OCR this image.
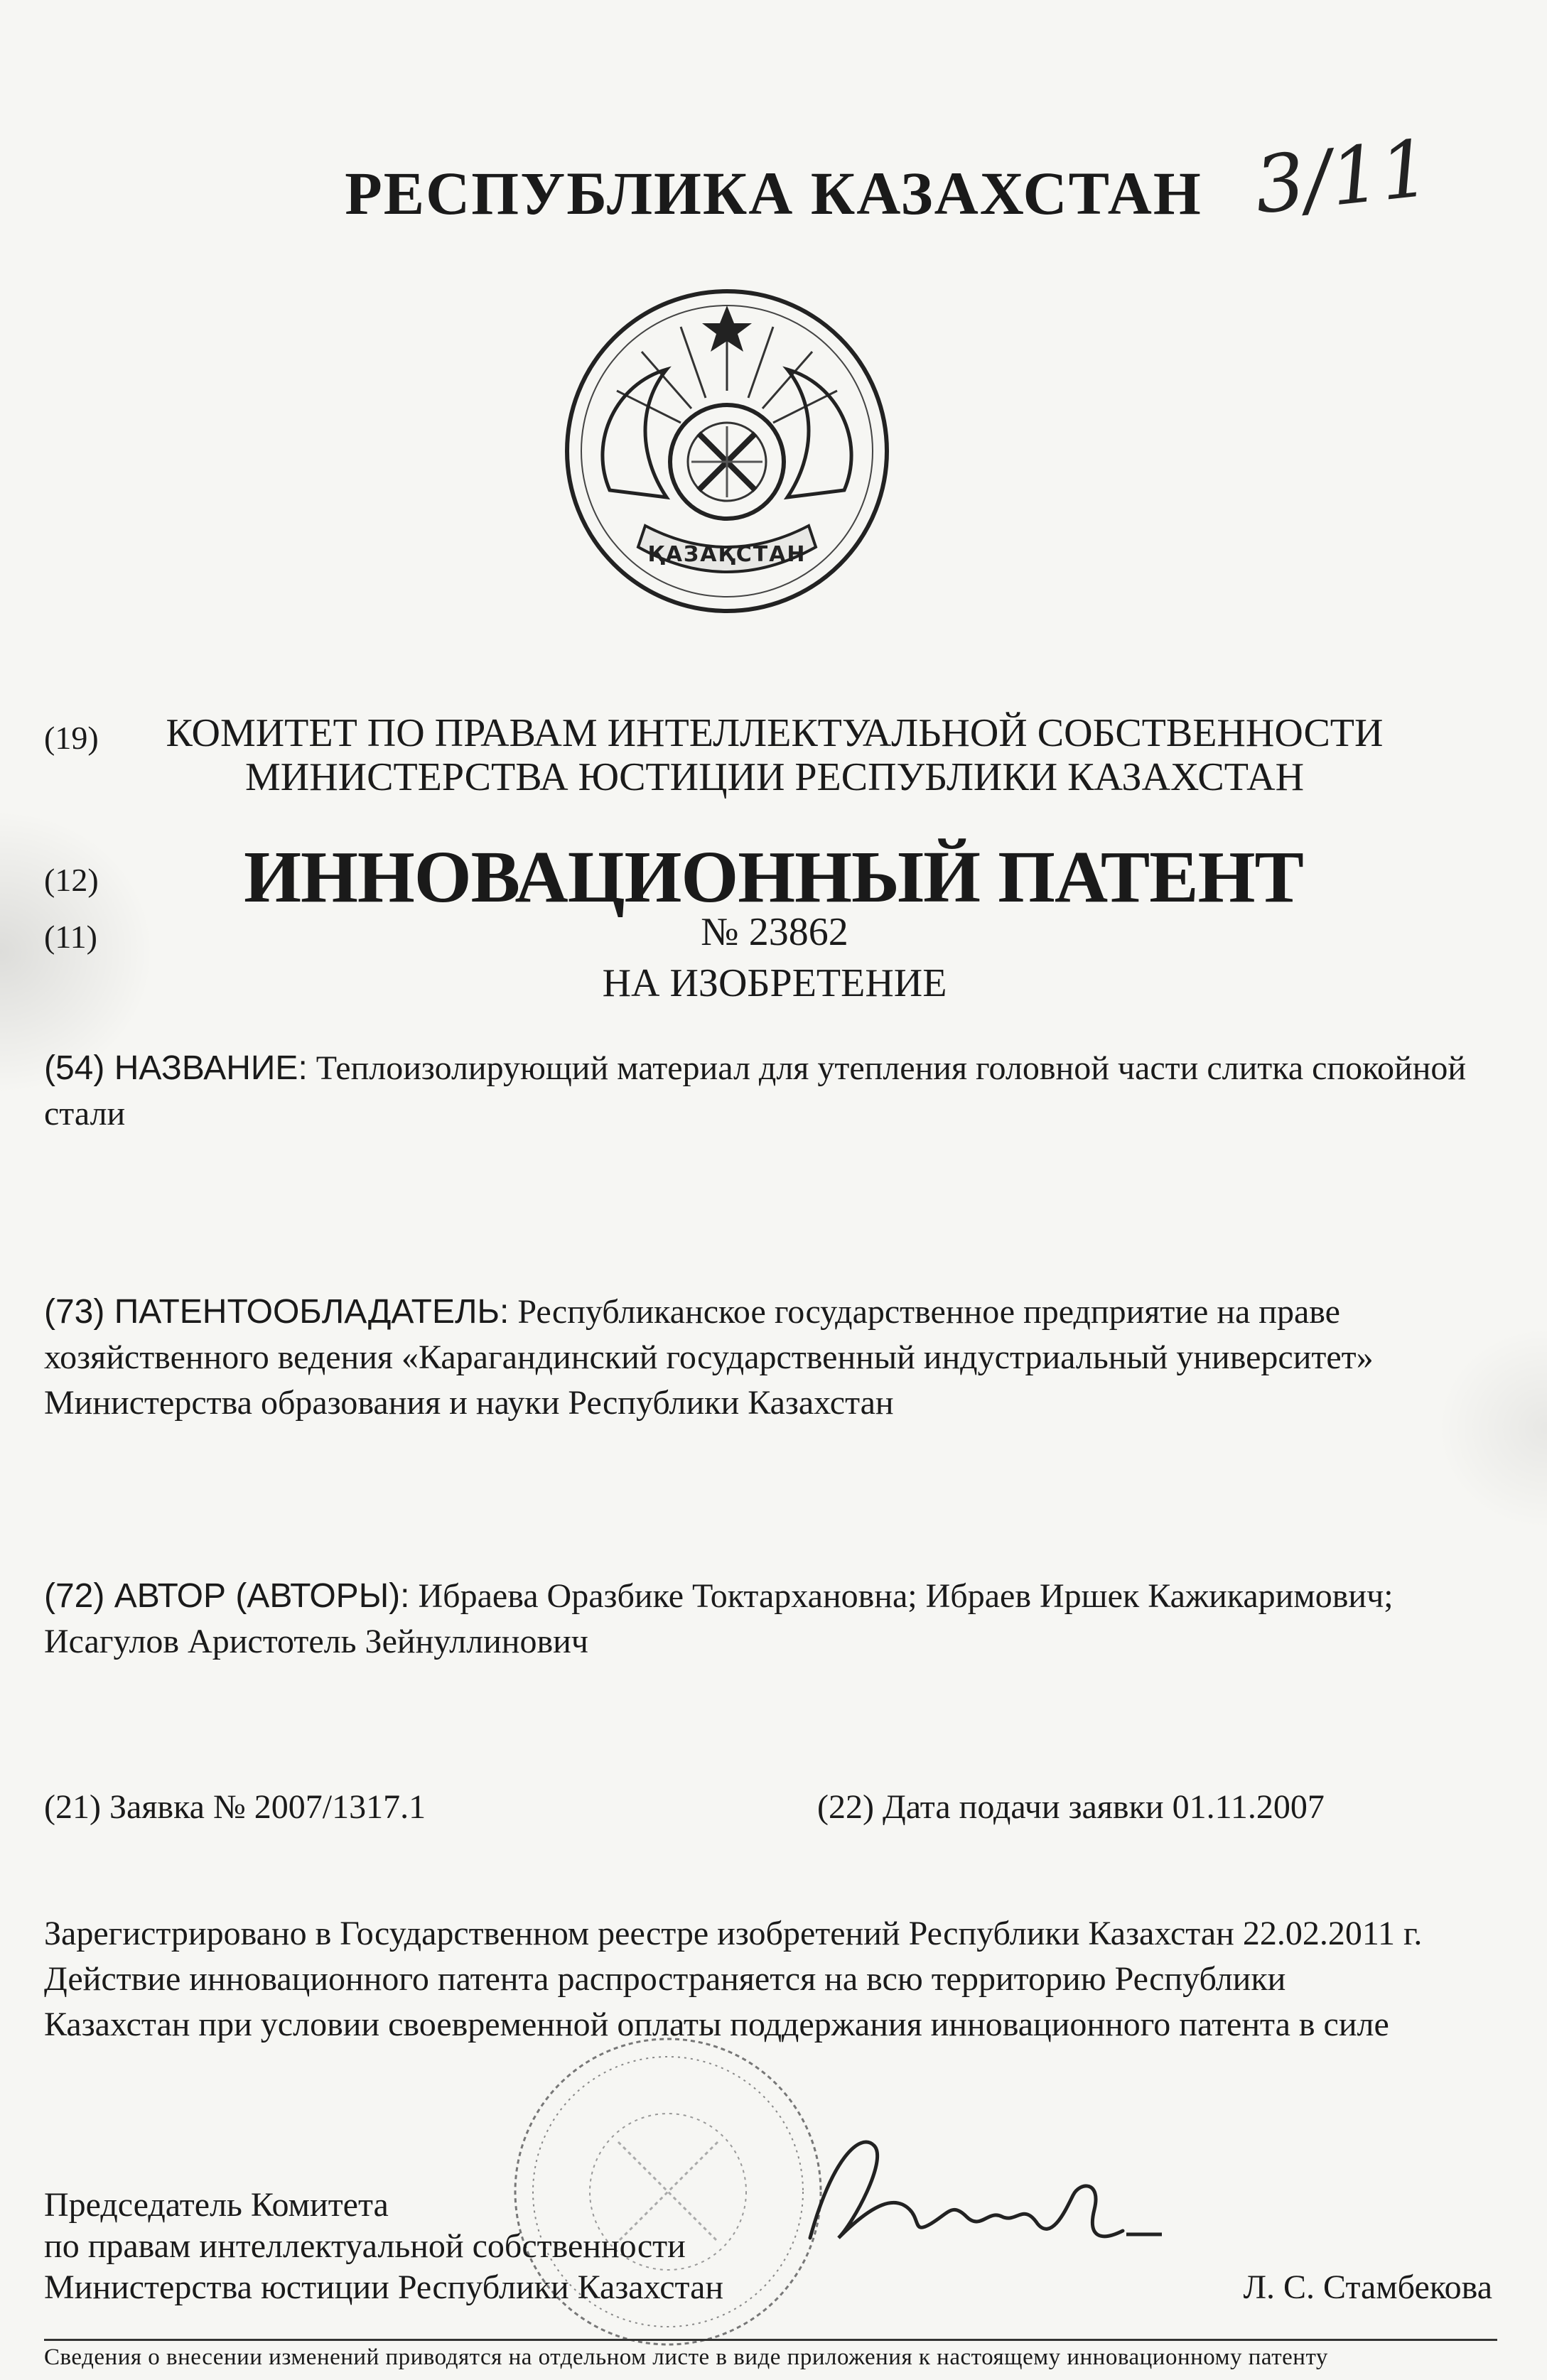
РЕСПУБЛИКА КАЗАХСТАН 3/11
ҚАЗАҚСТАН
(19)	КОМИТЕТ ПО ПРАВАМ ИНТЕЛЛЕКТУАЛЬНОЙ СОБСТВЕННОСТИ
МИНИСТЕРСТВА ЮСТИЦИИ РЕСПУБЛИКИ КАЗАХСТАН
(12)	ИННОВАЦИОННЫЙ ПАТЕНТ
(11)	№ 23862
НА ИЗОБРЕТЕНИЕ
(54) НАЗВАНИЕ: Теплоизолирующий материал для утепления головной части слитка спокойной стали
(73) ПАТЕНТООБЛАДАТЕЛЬ: Республиканское государственное предприятие на праве хозяйственного ведения «Карагандинский государственный индустриальный университет» Министерства образования и науки Республики Казахстан
(72) АВТОР (АВТОРЫ): Ибраева Оразбике Токтархановна; Ибраев Иршек Кажикаримович; Исагулов Аристотель Зейнуллинович
(21) Заявка № 2007/1317.1	(22) Дата подачи заявки 01.11.2007
Зарегистрировано в Государственном реестре изобретений Республики Казахстан 22.02.2011 г.
Действие инновационного патента распространяется на всю территорию Республики
Казахстан при условии своевременной оплаты поддержания инновационного патента в силе
Председатель Комитета
по правам интеллектуальной собственности
Министерства юстиции Республики Казахстан	Л. С. Стамбекова
Сведения о внесении изменений приводятся на отдельном листе в виде приложения к настоящему инновационному патенту
